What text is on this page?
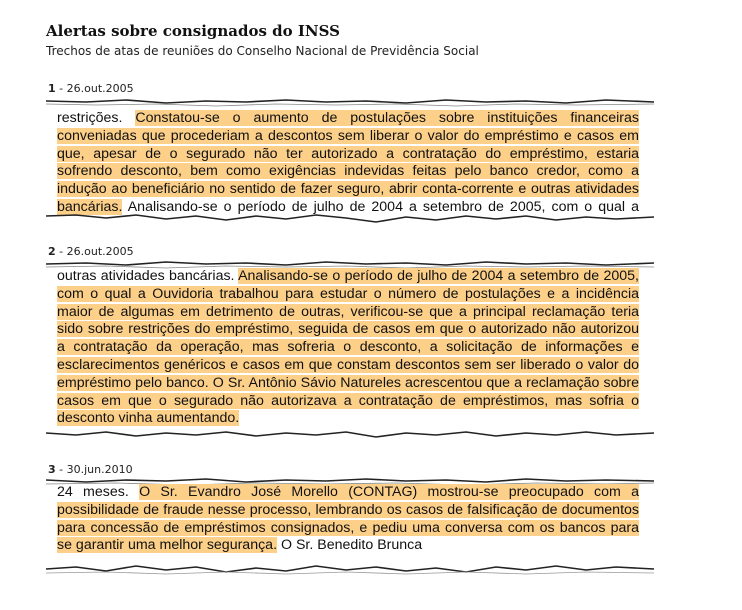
Alertas sobre consignados do INSS
Trechos de atas de reuniões do Conselho Nacional de Previdência Social
1 - 26.out.2005
restrições. Constatou-se o aumento de postulações sobre instituições financeiras conveniadas que procederiam a descontos sem liberar o valor do empréstimo e casos em que, apesar de o segurado não ter autorizado a contratação do empréstimo, estaria sofrendo desconto, bem como exigências indevidas feitas pelo banco credor, como a indução ao beneficiário no sentido de fazer seguro, abrir conta-corrente e outras atividades bancárias. Analisando-se o período de julho de 2004 a setembro de 2005, com o qual a
2 - 26.out.2005
outras atividades bancárias. Analisando-se o período de julho de 2004 a setembro de 2005, com o qual a Ouvidoria trabalhou para estudar o número de postulações e a incidência maior de algumas em detrimento de outras, verificou-se que a principal reclamação teria sido sobre restrições do empréstimo, seguida de casos em que o autorizado não autorizou a contratação da operação, mas sofreria o desconto, a solicitação de informações e esclarecimentos genéricos e casos em que constam descontos sem ser liberado o valor do empréstimo pelo banco. O Sr. Antônio Sávio Natureles acrescentou que a reclamação sobre casos em que o segurado não autorizava a contratação de empréstimos, mas sofria o desconto vinha aumentando.
3 - 30.jun.2010
24 meses. O Sr. Evandro José Morello (CONTAG) mostrou-se preocupado com a possibilidade de fraude nesse processo, lembrando os casos de falsificação de documentos para concessão de empréstimos consignados, e pediu uma conversa com os bancos para se garantir uma melhor segurança. O Sr. Benedito Brunca
